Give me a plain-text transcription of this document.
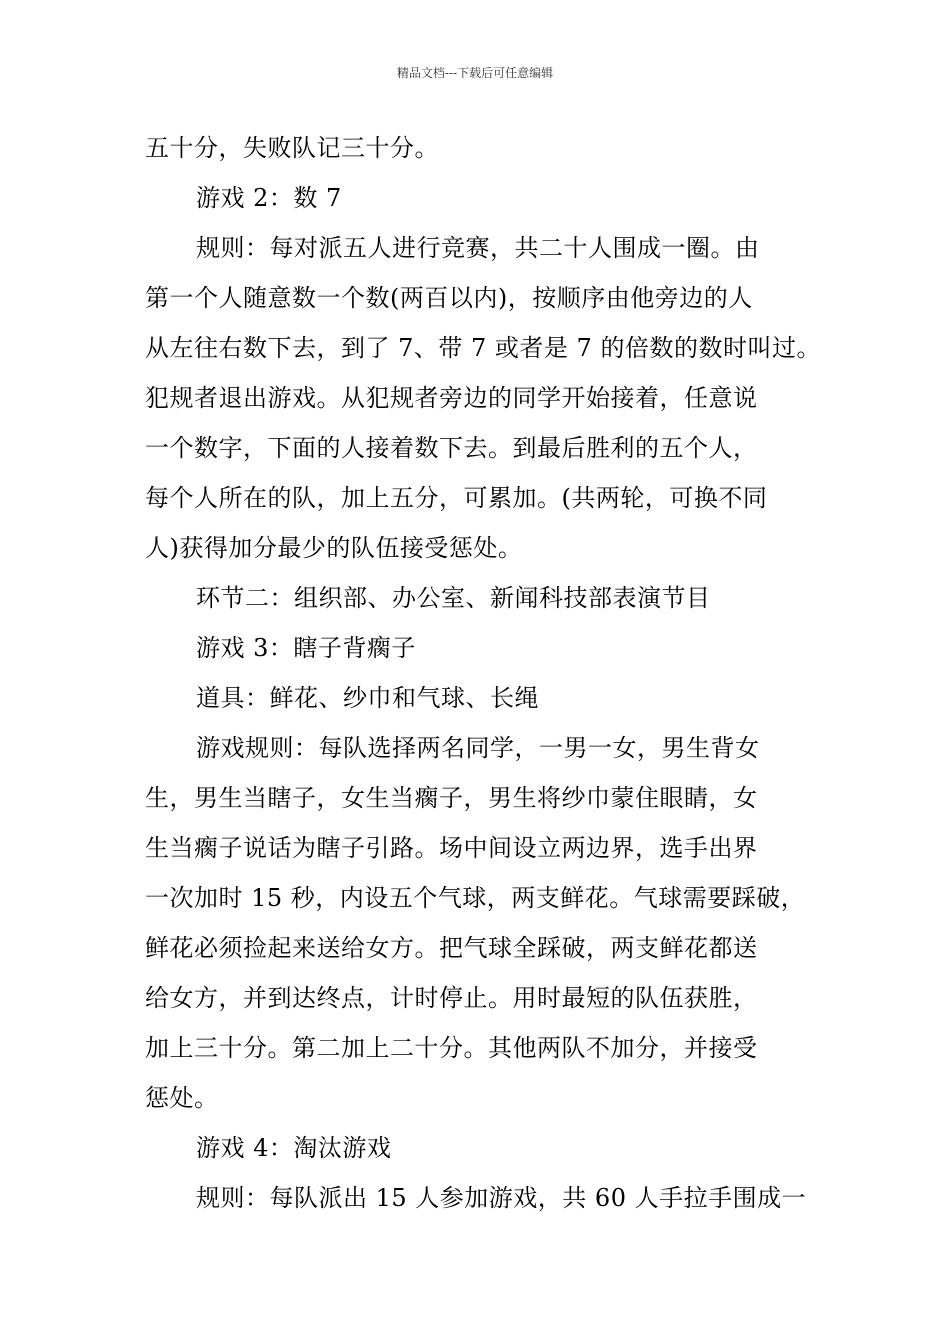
精品文档---下载后可任意编辑
五十分，失败队记三十分。
游戏 2：数 7
规则：每对派五人进行竞赛，共二十人围成一圈。由
第一个人随意数一个数(两百以内)，按顺序由他旁边的人
从左往右数下去，到了 7、带 7 或者是 7 的倍数的数时叫过。
犯规者退出游戏。从犯规者旁边的同学开始接着，任意说
一个数字，下面的人接着数下去。到最后胜利的五个人，
每个人所在的队，加上五分，可累加。(共两轮，可换不同
人)获得加分最少的队伍接受惩处。
环节二：组织部、办公室、新闻科技部表演节目
游戏 3：瞎子背瘸子
道具：鲜花、纱巾和气球、长绳
游戏规则：每队选择两名同学，一男一女，男生背女
生，男生当瞎子，女生当瘸子，男生将纱巾蒙住眼睛，女
生当瘸子说话为瞎子引路。场中间设立两边界，选手出界
一次加时 15 秒，内设五个气球，两支鲜花。气球需要踩破，
鲜花必须捡起来送给女方。把气球全踩破，两支鲜花都送
给女方，并到达终点，计时停止。用时最短的队伍获胜，
加上三十分。第二加上二十分。其他两队不加分，并接受
惩处。
游戏 4：淘汰游戏
规则：每队派出 15 人参加游戏，共 60 人手拉手围成一
